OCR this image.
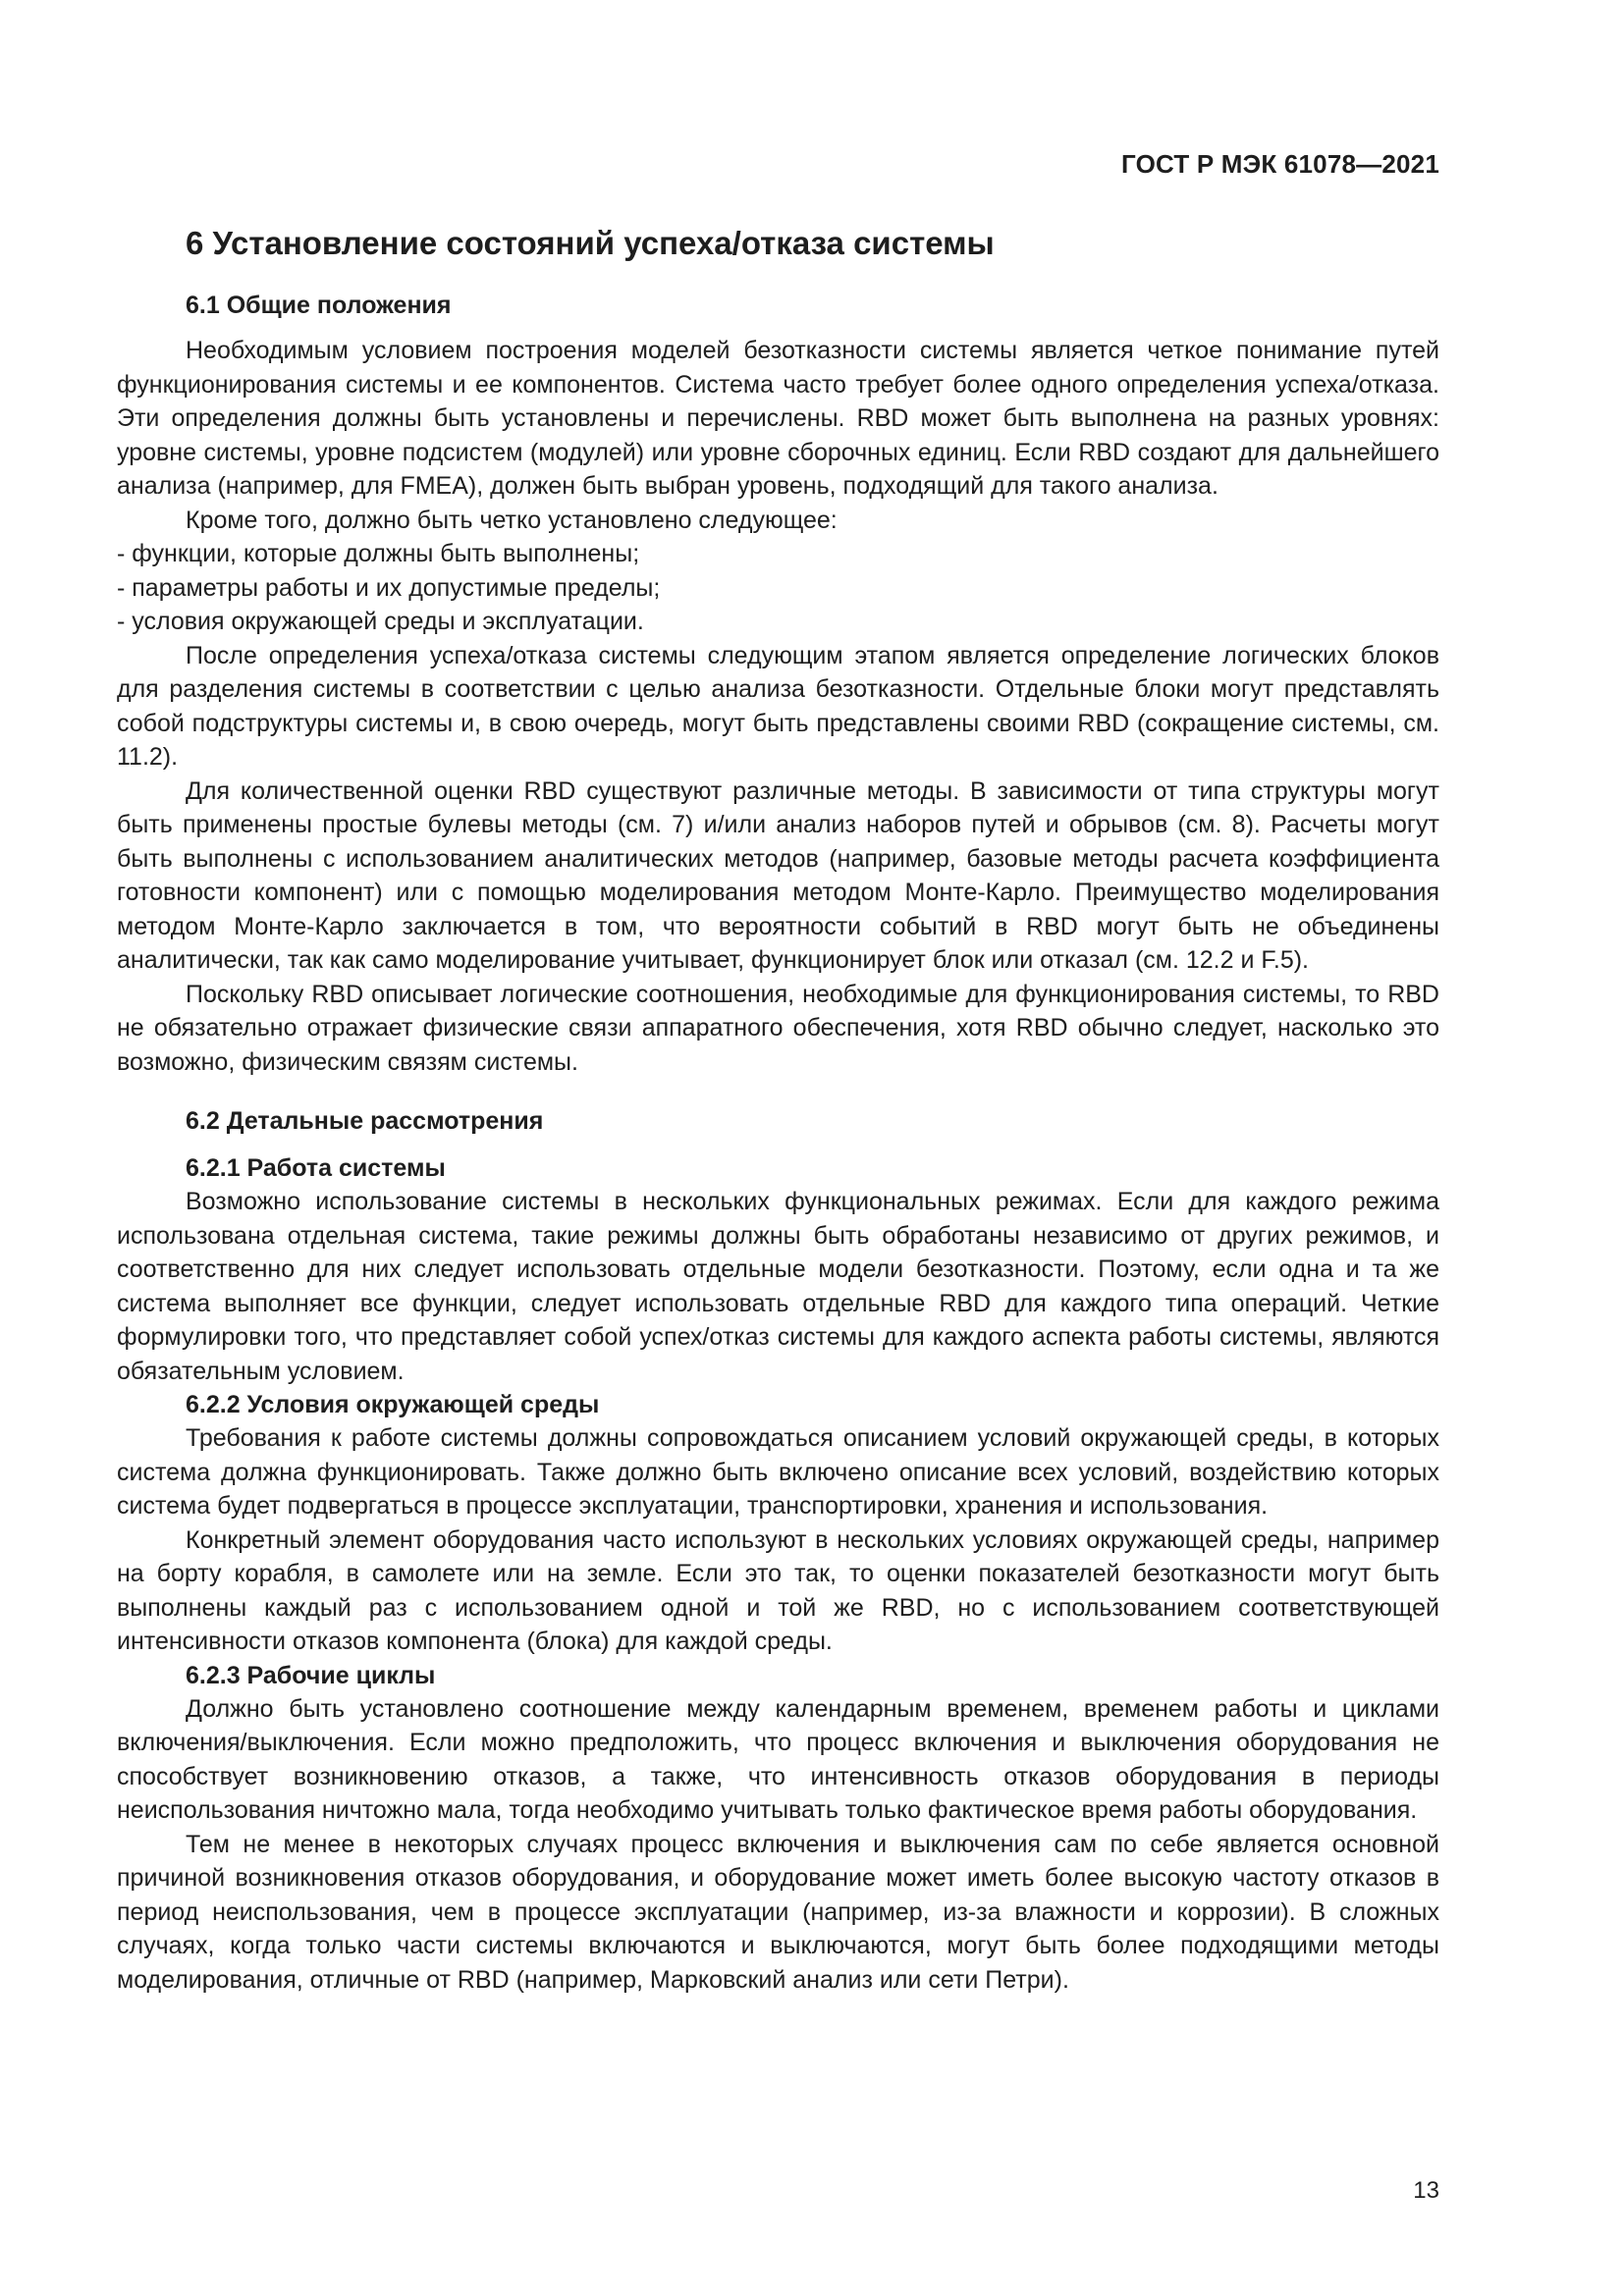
ГОСТ Р МЭК 61078—2021
6 Установление состояний успеха/отказа системы
6.1 Общие положения

Необходимым условием построения моделей безотказности системы является четкое понимание путей функционирования системы и ее компонентов. Система часто требует более одного определения успеха/отказа. Эти определения должны быть установлены и перечислены. RBD может быть выполнена на разных уровнях: уровне системы, уровне подсистем (модулей) или уровне сборочных единиц. Если RBD создают для дальнейшего анализа (например, для FMEA), должен быть выбран уровень, подходящий для такого анализа.

Кроме того, должно быть четко установлено следующее:

- функции, которые должны быть выполнены;

- параметры работы и их допустимые пределы;

- условия окружающей среды и эксплуатации.

После определения успеха/отказа системы следующим этапом является определение логических блоков для разделения системы в соответствии с целью анализа безотказности. Отдельные блоки могут представлять собой подструктуры системы и, в свою очередь, могут быть представлены своими RBD (сокращение системы, см. 11.2).

Для количественной оценки RBD существуют различные методы. В зависимости от типа структуры могут быть применены простые булевы методы (см. 7) и/или анализ наборов путей и обрывов (см. 8). Расчеты могут быть выполнены с использованием аналитических методов (например, базовые методы расчета коэффициента готовности компонент) или с помощью моделирования методом Монте-Карло. Преимущество моделирования методом Монте-Карло заключается в том, что вероятности событий в RBD могут быть не объединены аналитически, так как само моделирование учитывает, функционирует блок или отказал (см. 12.2 и F.5).

Поскольку RBD описывает логические соотношения, необходимые для функционирования системы, то RBD не обязательно отражает физические связи аппаратного обеспечения, хотя RBD обычно следует, насколько это возможно, физическим связям системы.

6.2 Детальные рассмотрения
6.2.1 Работа системы

Возможно использование системы в нескольких функциональных режимах. Если для каждого режима использована отдельная система, такие режимы должны быть обработаны независимо от других режимов, и соответственно для них следует использовать отдельные модели безотказности. Поэтому, если одна и та же система выполняет все функции, следует использовать отдельные RBD для каждого типа операций. Четкие формулировки того, что представляет собой успех/отказ системы для каждого аспекта работы системы, являются обязательным условием.

6.2.2 Условия окружающей среды

Требования к работе системы должны сопровождаться описанием условий окружающей среды, в которых система должна функционировать. Также должно быть включено описание всех условий, воздействию которых система будет подвергаться в процессе эксплуатации, транспортировки, хранения и использования.

Конкретный элемент оборудования часто используют в нескольких условиях окружающей среды, например на борту корабля, в самолете или на земле. Если это так, то оценки показателей безотказности могут быть выполнены каждый раз с использованием одной и той же RBD, но с использованием соответствующей интенсивности отказов компонента (блока) для каждой среды.

6.2.3 Рабочие циклы

Должно быть установлено соотношение между календарным временем, временем работы и циклами включения/выключения. Если можно предположить, что процесс включения и выключения оборудования не способствует возникновению отказов, а также, что интенсивность отказов оборудования в периоды неиспользования ничтожно мала, тогда необходимо учитывать только фактическое время работы оборудования.

Тем не менее в некоторых случаях процесс включения и выключения сам по себе является основной причиной возникновения отказов оборудования, и оборудование может иметь более высокую частоту отказов в период неиспользования, чем в процессе эксплуатации (например, из-за влажности и коррозии). В сложных случаях, когда только части системы включаются и выключаются, могут быть более подходящими методы моделирования, отличные от RBD (например, Марковский анализ или сети Петри).

13
